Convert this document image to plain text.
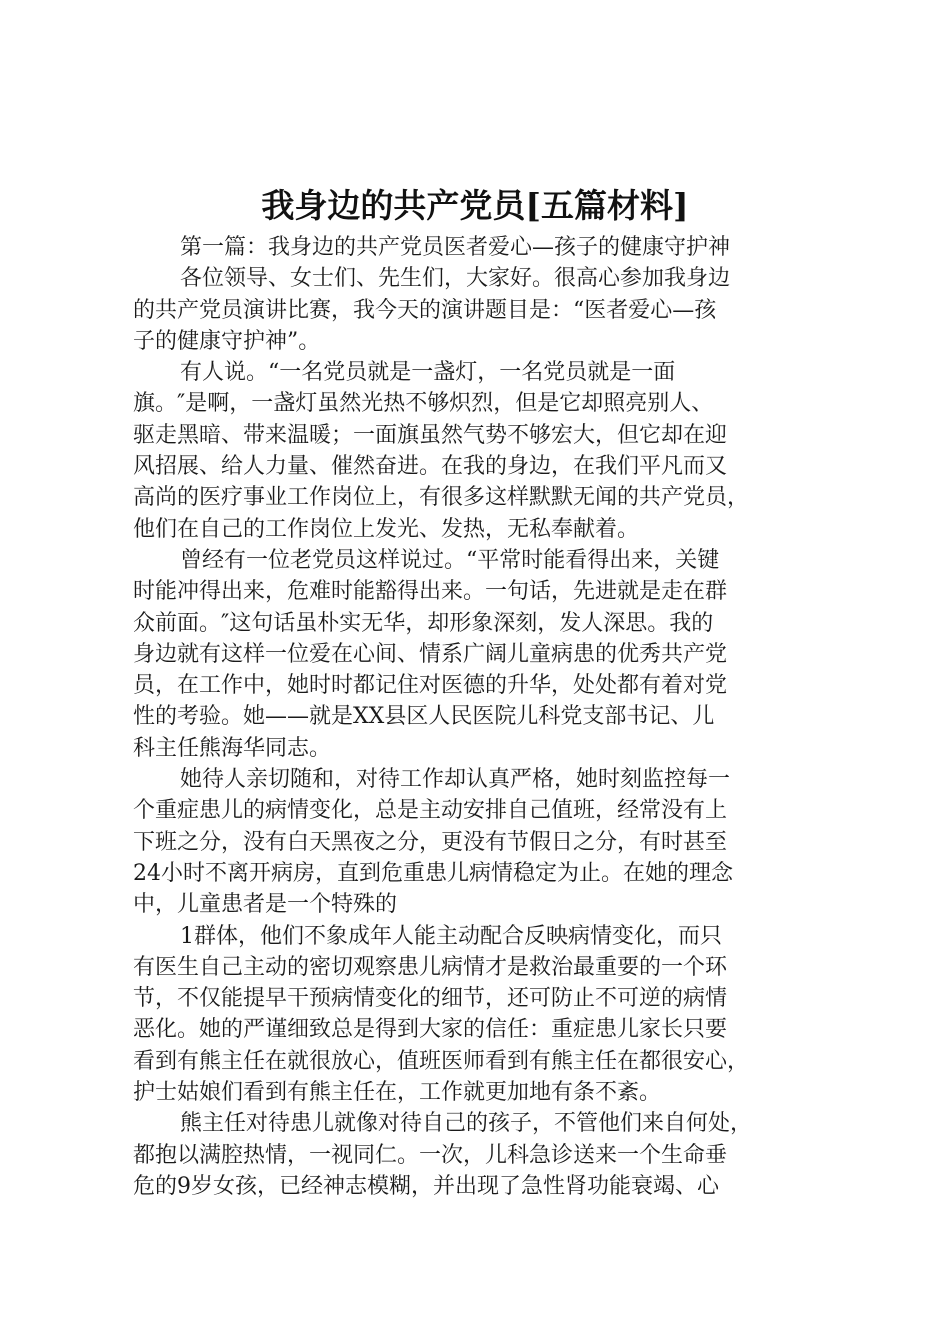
我身边的共产党员[五篇材料]
第一篇：我身边的共产党员医者爱心—孩子的健康守护神
各位领导、女士们、先生们，大家好。很高心参加我身边
的共产党员演讲比赛，我今天的演讲题目是：“医者爱心—孩
子的健康守护神”。
有人说。“一名党员就是一盏灯，一名党员就是一面
旗。″是啊，一盏灯虽然光热不够炽烈，但是它却照亮别人、
驱走黑暗、带来温暖；一面旗虽然气势不够宏大，但它却在迎
风招展、给人力量、催然奋进。在我的身边，在我们平凡而又
高尚的医疗事业工作岗位上，有很多这样默默无闻的共产党员，
他们在自己的工作岗位上发光、发热，无私奉献着。
曾经有一位老党员这样说过。“平常时能看得出来，关键
时能冲得出来，危难时能豁得出来。一句话，先进就是走在群
众前面。″这句话虽朴实无华，却形象深刻，发人深思。我的
身边就有这样一位爱在心间、情系广阔儿童病患的优秀共产党
员，在工作中，她时时都记住对医德的升华，处处都有着对党
性的考验。她——就是XX县区人民医院儿科党支部书记、儿
科主任熊海华同志。
她待人亲切随和，对待工作却认真严格，她时刻监控每一
个重症患儿的病情变化，总是主动安排自己值班，经常没有上
下班之分，没有白天黑夜之分，更没有节假日之分，有时甚至
24小时不离开病房，直到危重患儿病情稳定为止。在她的理念
中，儿童患者是一个特殊的
1群体，他们不象成年人能主动配合反映病情变化，而只
有医生自己主动的密切观察患儿病情才是救治最重要的一个环
节，不仅能提早干预病情变化的细节，还可防止不可逆的病情
恶化。她的严谨细致总是得到大家的信任：重症患儿家长只要
看到有熊主任在就很放心，值班医师看到有熊主任在都很安心，
护士姑娘们看到有熊主任在，工作就更加地有条不紊。
熊主任对待患儿就像对待自己的孩子，不管他们来自何处，
都抱以满腔热情，一视同仁。一次，儿科急诊送来一个生命垂
危的9岁女孩，已经神志模糊，并出现了急性肾功能衰竭、心
